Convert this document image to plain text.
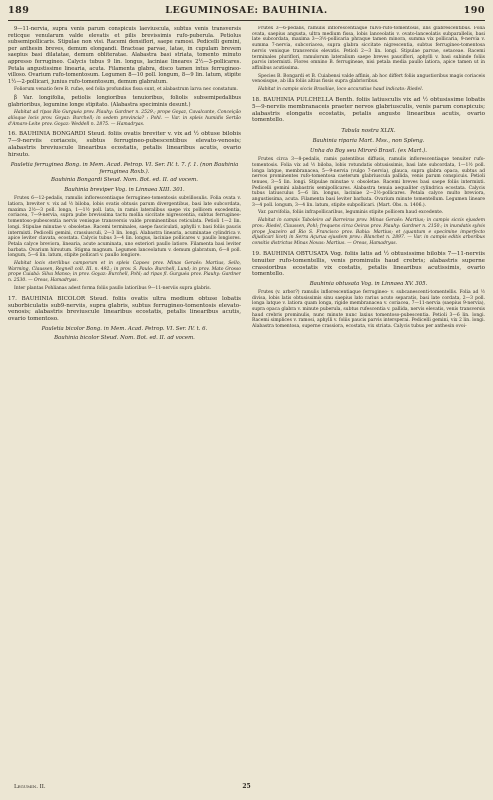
189	LEGUMINOSAE: BAUHINIA.	190

9—11-nervia, supra venis parum conspicuis laeviuscula, subtus venis transversis reticque venularum valde elevatis et pilis brevissimis rufo-puberula. Petiolus subsemipollicaris. Stipulae non visi. Racemi densiflori, saepe ramosi. Pedicelli gemini, per anthesin breves, demum elongandi. Bracteae parvae, latae, in cupulam brevem saepius basi dilatatae, demum obliteratae. Alabastra basi striata, tomento minuto appresso ferrugineo. Calycis tubus 9 lin. longus, laciniae lineares 2½—3-pollicares. Petala angustissime linearia, acuta. Filamenta glabra, disco tamen intus ferrugineo-villoso. Ovarium rufo-tomentosum. Legumen 8—10 poll. longum, 8—9 lin. latum, stipite 1½—2-pollicari, junius rufo-tomentosum, demum glabratum.

Foliorum venatio fere B. rufae, sed folia profundius fissa sunt, et alabastrum larva nec constatum.

β Var. longifolia, petiolis longioribus tenuioribus, foliolis subsemipedalibus glabrioribus, legumine longe stipitato. (Alabastra speciminis desunt.)

Habitat ad ripas Rio Gurguéa prov. Piauhy: Gardner n. 2529.; prope Goyaz, Cavalcante, Conceição aliisque locis prov. Goyaz: Burchell; in sedem provincia? : Pohl. — Var. in spleis humidis Sertão d'Amaro-Leite prov. Goyaz: Weddell n. 2875. — Hamadryas.

16. BAUHINIA BONGARDI Steud. foliis ovatis breviter v. vix ad ½ obtuse bilobis 7—9-nerviis coriaceis, subtus ferrugineo-pubescentibus elevato-venosis; alabastris breviuscule linearibus ecostatis, petalis linearibus acutis, ovario hirsuto.

Pauletia ferruginea Bong. in Mem. Acad. Petrop. VI. Ser. IV. t. 7. f. 1. (non Bauhinia ferruginea Roxb.).

Bauhinia Bongardi Steud. Nom. Bot. ed. II. ad vocem.

Bauhinia breviper Vog. in Linnaea XIII. 301.

Frutex 6—12-pedalis, ramulis inflorescentiaque ferrugineo-tomentosis subvillosulis. Folia ovata v. latiora, breviter v. vix ad ½ biloba, lobis ovatis obtusis parum divergentibus, basi late subcordata, maxima 2½—3 poll. longa, 1—1½ poll. lata, in ramis lateralibus saepe vix pollicem excedentia, coriacea, 7—9-nervia, supra pube brevissima tactu mollia siccitate nigrescentia, subtus ferrugineo-tomentoso-pubescentia nervis venisque transversis valde prominentibus reticulata. Petioli 1—2 lin. longi. Stipulae minutae v. obsoletae. Racemi terminales, saepe fasciculati, aphylli v. basi foliis paucis intermixti. Pedicelli gemini, crassiusculi, 2—3 lin. longi. Alabastra linearia, acuminatae cylindrica v. apice leviter clavata, ecostata. Calycis tubus 3—4 lin. longus, laciniae pollicares v. paullo longiores. Petala calyce breviora, linearia, acute acuminata, uno exteriori paullo latiore. Filamenta basi leviter barbata. Ovarium hirsutum. Stigma magnum. Legumen lanceolatum v. demum glabratum, 6—8 poll. longum, 5—6 lin. latum, stipite pollicari v. paullo longiore.

Habitat locis sterilibus camporum et in spleis Capoes prov. Minas Geraës: Martius, Sello, Warming, Claussen, Regnell coll. III. n. 492.; in prov. S. Paulo: Burchell, Lund; in prov. Mato Grosso prope Cuiabá: Silva Manso; in prov. Goyaz: Burchell, Pohl; ad ripas fl. Gurguéa prov. Piauhy: Gardner n. 2530. — Oreas, Hamadryas.

Inter plantas Pohlianas adest forma foliis paullo latioribus 9—11-nerviis supra glabris.

17. BAUHINIA BICOLOR Steud. foliis ovatis ultra medium obtuse lobatis suborbiculatis sub9-nerviis, supra glabris, subtus ferrugineo-tomentosis elevato-venosis; alabastris breviuscule linearibus ecostatis, petalis linearibus acutis, ovario tomentoso.

Pauletia bicolor Bong. in Mem. Acad. Petrop. VI. Ser. IV. t. 6.

Bauhinia bicolor Steud. Nom. Bot. ed. II. ad vocem.

Frutex 3—6-pedalis, ramulis inflorescentiaque fulvo-rufo-tomentosis, illis glabrescentibus. Folia ovata, saepius angusta, ultra medium fissa, lobis lanceolatis v. ovato-lanceolatis subparallelis, basi late subcordata, maxima 3—3½-pollicaria phraque tamen minora, summa vix pollicaria, 9-nervia v. summa 7-nervia, subcoriacea, supra glabra siccitate nigrescentia, subtus ferrugineo-tomentosa nervis venisque transversis elevatis. Petioli 2—3 lin. longi. Stipulae parvae, setaceae. Racemi terminales pluriflori, ramulorum lateralium saepe breves pauciflori, aphylli v. basi subinde foliis parvis intermixti. Flores omnino B. ferrugineae, nisi petala media paullo latiora, apice tamen ut in affinibus acutissima.

Species B. Bongardi et B. Cuiabensi valde affinis, ab hoc differt foliis angustioribus magis coriaceis venosisque, ab illa foliis altius fissis supra glabrioribus.

Habitat in campis siccis Brasiliae, loco accuratius haud indicato: Riedel.

18. BAUHINIA PULCHELLA Benth. foliis latiusculis vix ad ½ obtusissime lobatis 5—9-nerviis membranaceis praeter nervos glabriusculis, venis parum conspicuis; alabastris elongatis ecostatis, petalis anguste linearibus acutis, ovario tomentello.

Tabula nostra XLIX.

Bauhinia riparia Mart. Mss., non Spleng.

Unha do Boy seu Miroró Brasil. (ex Mart.).

Frutex circa 3—8-pedalis, ramis patentibus diffusis, ramulis inflorescentiaque tenuiter rufo-tomentosis. Folia vix ad ½ biloba, lobis rotundatis obtusissimis, basi late subcordata, 1—1½ poll. longa latque, membranacea, 5—9-nervia (vulgo 7-nervia), glauca, supra glabra opaca, subtus ad nervos prominentes rufo-tomentosa caeterum glabriuscula pallida, venis parum conspicuis. Petioli tenues, 3—5 lin. longi. Stipulae minutae v. obsoletae. Racemi breves basi saepe foliis intermixti. Pedicelli gemini alabastris semipollicares. Alabastra tenuia aequaliter cylindrica ecostata. Calycis tubus latiusculus 5—6 lin. longus, laciniae 2—2½-pollicares. Petala calyce multo breviora, angustissima, acuta. Filamenta basi leviter barbata. Ovarium minute tomentellum. Legumen lineare 3—4 poll. longum, 3—4 lin. latum, stipite subpollicari. (Mart. Obs. n. 1406.).

Var. parvifolia, foliis infrapollicaribus, leguminis stipite pollicem haud excedente.

Habitat in campis Taboleiro ad Barreiras prov. Minas Geraës: Martius; in campis siccis ejusdem prov.: Riedel, Claussen, Pohl; frequens circa Oeiras prov. Piauhy: Gardner n. 2150.; in inundatis sylvis prope Joazeiro ad Rio S. Francisco prov. Bahia: Martius; et (quantum e speciminе imperfecto dijudicari licet) in Serra Açurua ejusdem prov.: Blanchet n. 2897. — Var. in campis editis arboribus consitis districtus Minas Novas: Martius. — Oreas, Hamadryas.

19. BAUHINIA OBTUSATA Vog. foliis latis ad ½ obtusissime bilobis 7—11-nerviis tenuiter rufo-tomentellis, venis prominulis haud crebris; alabastris superne crassioribus ecostatis vix costatis, petalis linearibus acutissimis, ovario tomentello.

Bauhinia obtusata Vog. in Linnaea XV. 305.

Frutex (v. arbor?) ramulis inflorescentiaque ferrugineo- v. subcanescenti-tomentellis. Folia ad ½ divisa, lobis latis obtusissimis sinu saepius lato rarius acuto separatis, basi late cordata, 2—3 poll. longa latque v. latiora quam longa, rigide membranacea v. coriacea, 7—11-nervia (saepius 9-nervia), supra opaca glabra v. minute puberula, subtus rufescentia v. pallida, nervis elevatis, venis transversis haud crebris prominulis, nunc minute nunc laxius tomentoso-pubescentia. Petioli 3—6 lin. longi. Racemi simplices v. ramosi, aphylli v. foliis paucis parvis intersperai. Pedicelli gemini, vix 2 lin. longi. Alabastra tomentosa, superne crassiora, ecostata, vix striata. Calycis tubus per anthesin ovoi-

Legumin. II.	25
